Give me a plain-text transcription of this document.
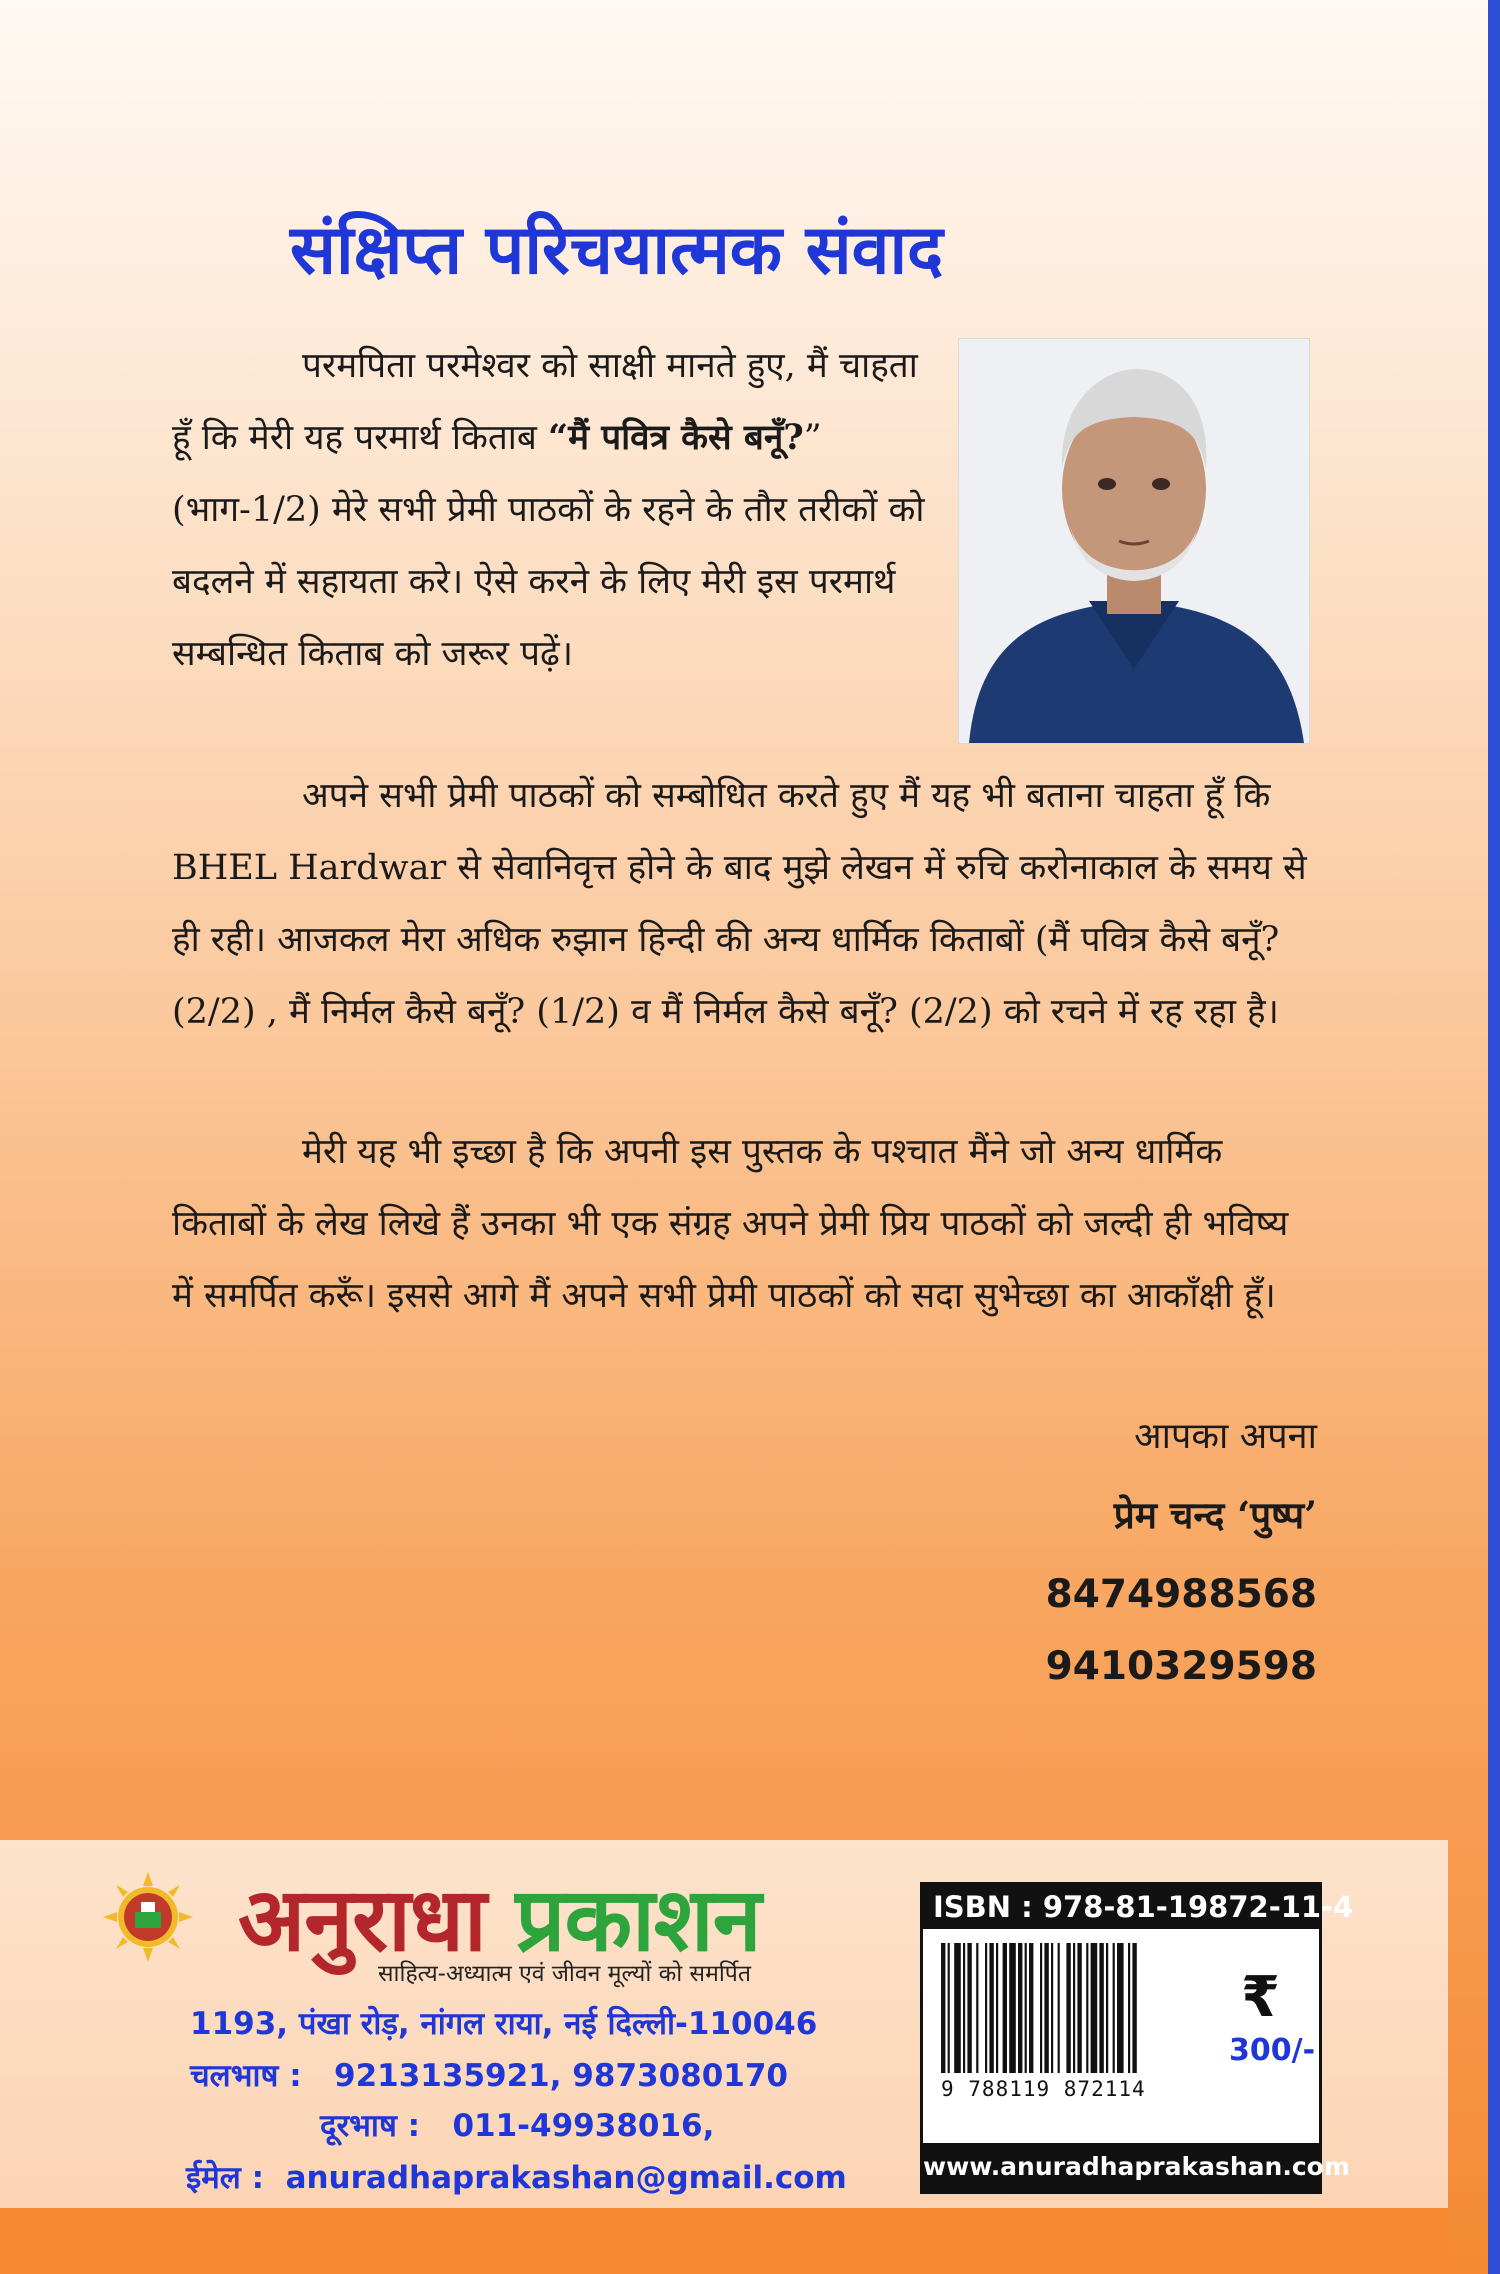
संक्षिप्त परिचयात्मक संवाद
परमपिता परमेश्वर को साक्षी मानते हुए, मैं चाहता हूँ कि मेरी यह परमार्थ किताब “मैं पवित्र कैसे बनूँ?” (भाग-1/2) मेरे सभी प्रेमी पाठकों के रहने के तौर तरीकों को बदलने में सहायता करे। ऐसे करने के लिए मेरी इस परमार्थ सम्बन्धित किताब को जरूर पढ़ें।
अपने सभी प्रेमी पाठकों को सम्बोधित करते हुए मैं यह भी बताना चाहता हूँ कि BHEL Hardwar से सेवानिवृत्त होने के बाद मुझे लेखन में रुचि करोनाकाल के समय से ही रही। आजकल मेरा अधिक रुझान हिन्दी की अन्य धार्मिक किताबों (मैं पवित्र कैसे बनूँ? (2/2) , मैं निर्मल कैसे बनूँ? (1/2) व मैं निर्मल कैसे बनूँ? (2/2) को रचने में रह रहा है।
मेरी यह भी इच्छा है कि अपनी इस पुस्तक के पश्चात मैंने जो अन्य धार्मिक किताबों के लेख लिखे हैं उनका भी एक संग्रह अपने प्रेमी प्रिय पाठकों को जल्दी ही भविष्य में समर्पित करूँ। इससे आगे मैं अपने सभी प्रेमी पाठकों को सदा सुभेच्छा का आकाँक्षी हूँ।
आपका अपना
प्रेम चन्द ‘पुष्प’
8474988568
9410329598
अनुराधा प्रकाशन
साहित्य-अध्यात्म एवं जीवन मूल्यों को समर्पित
1193, पंखा रोड़, नांगल राया, नई दिल्ली-110046
चलभाष : 9213135921, 9873080170
दूरभाष : 011-49938016,
ईमेल : anuradhaprakashan@gmail.com
ISBN : 978-81-19872-11-4
9 788119 872114
₹
300/-
www.anuradhaprakashan.com
